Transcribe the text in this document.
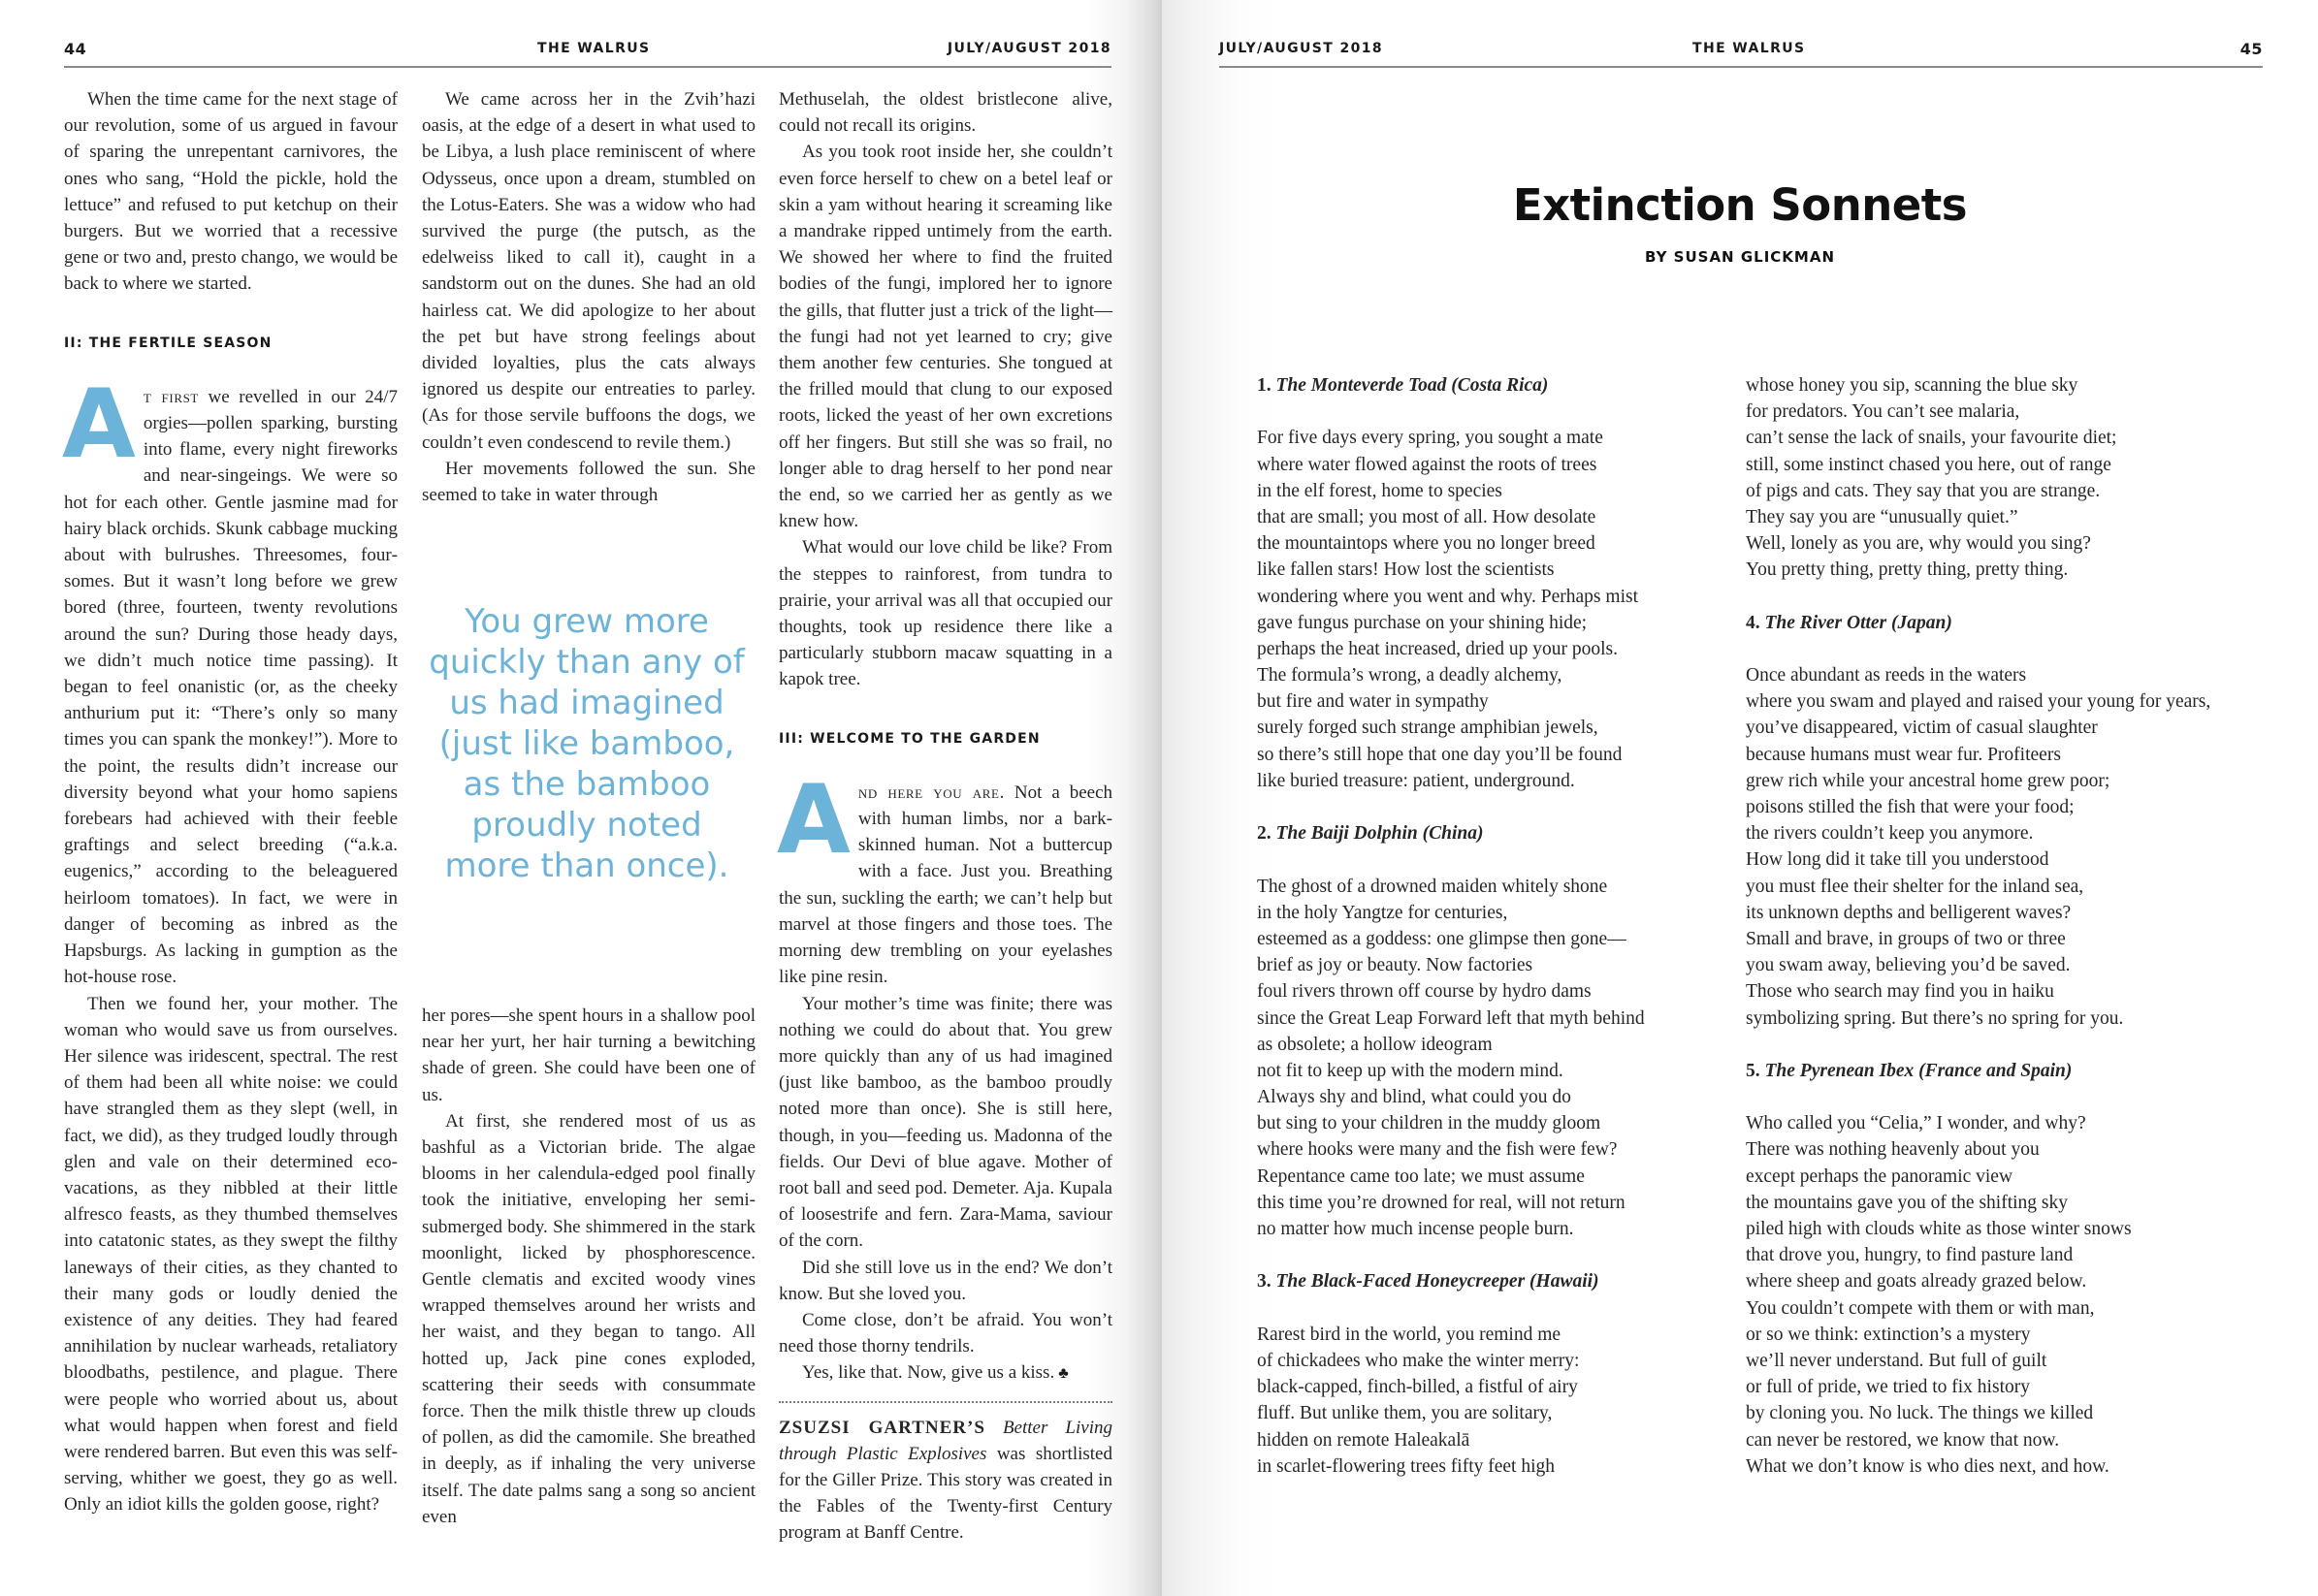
44	THE WALRUS	JULY/AUGUST 2018

When the time came for the next stage of our revolution, some of us argued in favour of sparing the unrepentant carnivores, the ones who sang, “Hold the pickle, hold the lettuce” and refused to put ketchup on their burgers. But we worried that a recessive gene or two and, presto chango, we would be back to where we started.

II: THE FERTILE SEASON

At first we revelled in our 24/7 orgies—pollen sparking, bursting into flame, every night fireworks and near-singeings. We were so hot for each other. Gentle jasmine mad for hairy black orchids. Skunk cabbage mucking about with bulrushes. Threesomes, foursomes. But it wasn’t long before we grew bored (three, fourteen, twenty revolutions around the sun? During those heady days, we didn’t much notice time passing). It began to feel onanistic (or, as the cheeky anthurium put it: “There’s only so many times you can spank the monkey!”). More to the point, the results didn’t increase our diversity beyond what your homo sapiens forebears had achieved with their feeble graftings and select breeding (“a.k.a. eugenics,” according to the beleaguered heirloom tomatoes). In fact, we were in danger of becoming as inbred as the Hapsburgs. As lacking in gumption as the hot-house rose.

Then we found her, your mother. The woman who would save us from ourselves. Her silence was iridescent, spectral. The rest of them had been all white noise: we could have strangled them as they slept (well, in fact, we did), as they trudged loudly through glen and vale on their determined eco-vacations, as they nibbled at their little alfresco feasts, as they thumbed themselves into catatonic states, as they swept the filthy laneways of their cities, as they chanted to their many gods or loudly denied the existence of any deities. They had feared annihilation by nuclear warheads, retaliatory bloodbaths, pestilence, and plague. There were people who worried about us, about what would happen when forest and field were rendered barren. But even this was self-serving, whither we goest, they go as well. Only an idiot kills the golden goose, right?

We came across her in the Zvih’hazi oasis, at the edge of a desert in what used to be Libya, a lush place reminiscent of where Odysseus, once upon a dream, stumbled on the Lotus-Eaters. She was a widow who had survived the purge (the putsch, as the edelweiss liked to call it), caught in a sandstorm out on the dunes. She had an old hairless cat. We did apologize to her about the pet but have strong feelings about divided loyalties, plus the cats always ignored us despite our entreaties to parley. (As for those servile buffoons the dogs, we couldn’t even condescend to revile them.)

Her movements followed the sun. She seemed to take in water through

You grew more quickly than any of us had imagined (just like bamboo, as the bamboo proudly noted more than once).

her pores—she spent hours in a shallow pool near her yurt, her hair turning a bewitching shade of green. She could have been one of us.

At first, she rendered most of us as bashful as a Victorian bride. The algae blooms in her calendula-edged pool finally took the initiative, enveloping her semi-submerged body. She shimmered in the stark moonlight, licked by phosphorescence. Gentle clematis and excited woody vines wrapped themselves around her wrists and her waist, and they began to tango. All hotted up, Jack pine cones exploded, scattering their seeds with consummate force. Then the milk thistle threw up clouds of pollen, as did the camomile. She breathed in deeply, as if inhaling the very universe itself. The date palms sang a song so ancient even

Methuselah, the oldest bristlecone alive, could not recall its origins.

As you took root inside her, she couldn’t even force herself to chew on a betel leaf or skin a yam without hearing it screaming like a mandrake ripped untimely from the earth. We showed her where to find the fruited bodies of the fungi, implored her to ignore the gills, that flutter just a trick of the light—the fungi had not yet learned to cry; give them another few centuries. She tongued at the frilled mould that clung to our exposed roots, licked the yeast of her own excretions off her fingers. But still she was so frail, no longer able to drag herself to her pond near the end, so we carried her as gently as we knew how.

What would our love child be like? From the steppes to rainforest, from tundra to prairie, your arrival was all that occupied our thoughts, took up residence there like a particularly stubborn macaw squatting in a kapok tree.

III: WELCOME TO THE GARDEN

And here you are. Not a beech with human limbs, nor a bark-skinned human. Not a buttercup with a face. Just you. Breathing the sun, suckling the earth; we can’t help but marvel at those fingers and those toes. The morning dew trembling on your eyelashes like pine resin.

Your mother’s time was finite; there was nothing we could do about that. You grew more quickly than any of us had imagined (just like bamboo, as the bamboo proudly noted more than once). She is still here, though, in you—feeding us. Madonna of the fields. Our Devi of blue agave. Mother of root ball and seed pod. Demeter. Aja. Kupala of loosestrife and fern. Zara-Mama, saviour of the corn.

Did she still love us in the end? We don’t know. But she loved you.

Come close, don’t be afraid. You won’t need those thorny tendrils.

Yes, like that. Now, give us a kiss. ♣

ZSUZSI GARTNER’S Better Living through Plastic Explosives was shortlisted for the Giller Prize. This story was created in the Fables of the Twenty-first Century program at Banff Centre.

JULY/AUGUST 2018	THE WALRUS	45
Extinction Sonnets
BY SUSAN GLICKMAN

1. The Monteverde Toad (Costa Rica)

For five days every spring, you sought a mate

where water flowed against the roots of trees

in the elf forest, home to species

that are small; you most of all. How desolate

the mountaintops where you no longer breed

like fallen stars! How lost the scientists

wondering where you went and why. Perhaps mist

gave fungus purchase on your shining hide;

perhaps the heat increased, dried up your pools.

The formula’s wrong, a deadly alchemy,

but fire and water in sympathy

surely forged such strange amphibian jewels,

so there’s still hope that one day you’ll be found

like buried treasure: patient, underground.

2. The Baiji Dolphin (China)

The ghost of a drowned maiden whitely shone

in the holy Yangtze for centuries,

esteemed as a goddess: one glimpse then gone—

brief as joy or beauty. Now factories

foul rivers thrown off course by hydro dams

since the Great Leap Forward left that myth behind

as obsolete; a hollow ideogram

not fit to keep up with the modern mind.

Always shy and blind, what could you do

but sing to your children in the muddy gloom

where hooks were many and the fish were few?

Repentance came too late; we must assume

this time you’re drowned for real, will not return

no matter how much incense people burn.

3. The Black-Faced Honeycreeper (Hawaii)

Rarest bird in the world, you remind me

of chickadees who make the winter merry:

black-capped, finch-billed, a fistful of airy

fluff. But unlike them, you are solitary,

hidden on remote Haleakalā

in scarlet-flowering trees fifty feet high

whose honey you sip, scanning the blue sky

for predators. You can’t see malaria,

can’t sense the lack of snails, your favourite diet;

still, some instinct chased you here, out of range

of pigs and cats. They say that you are strange.

They say you are “unusually quiet.”

Well, lonely as you are, why would you sing?

You pretty thing, pretty thing, pretty thing.

4. The River Otter (Japan)

Once abundant as reeds in the waters

where you swam and played and raised your young for years,

you’ve disappeared, victim of casual slaughter

because humans must wear fur. Profiteers

grew rich while your ancestral home grew poor;

poisons stilled the fish that were your food;

the rivers couldn’t keep you anymore.

How long did it take till you understood

you must flee their shelter for the inland sea,

its unknown depths and belligerent waves?

Small and brave, in groups of two or three

you swam away, believing you’d be saved.

Those who search may find you in haiku

symbolizing spring. But there’s no spring for you.

5. The Pyrenean Ibex (France and Spain)

Who called you “Celia,” I wonder, and why?

There was nothing heavenly about you

except perhaps the panoramic view

the mountains gave you of the shifting sky

piled high with clouds white as those winter snows

that drove you, hungry, to find pasture land

where sheep and goats already grazed below.

You couldn’t compete with them or with man,

or so we think: extinction’s a mystery

we’ll never understand. But full of guilt

or full of pride, we tried to fix history

by cloning you. No luck. The things we killed

can never be restored, we know that now.

What we don’t know is who dies next, and how.
